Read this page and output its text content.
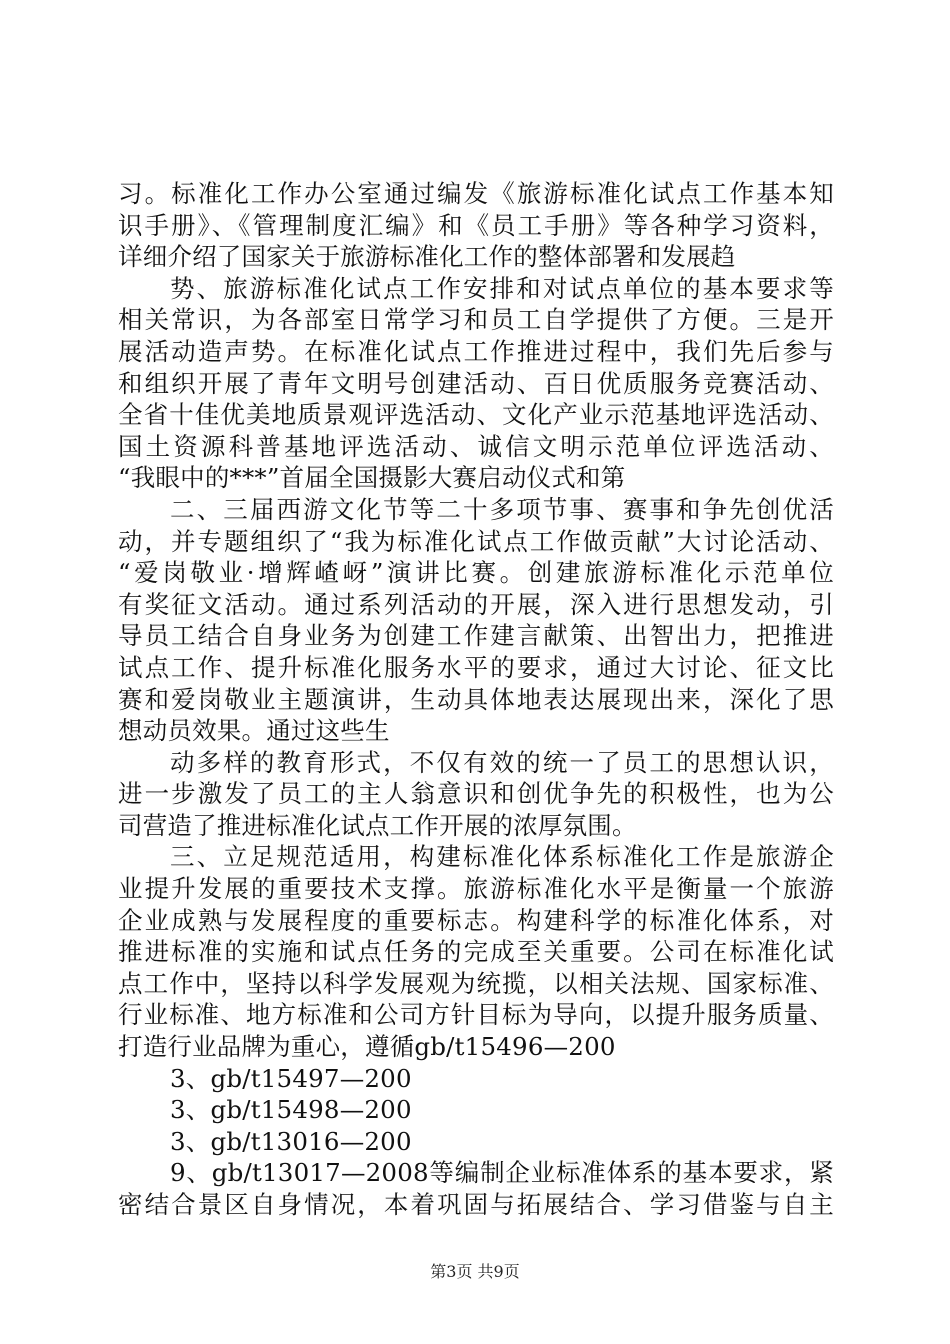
习。标准化工作办公室通过编发《旅游标准化试点工作基本知
识手册》、《管理制度汇编》和《员工手册》等各种学习资料，
详细介绍了国家关于旅游标准化工作的整体部署和发展趋
势、旅游标准化试点工作安排和对试点单位的基本要求等
相关常识，为各部室日常学习和员工自学提供了方便。三是开
展活动造声势。在标准化试点工作推进过程中，我们先后参与
和组织开展了青年文明号创建活动、百日优质服务竞赛活动、
全省十佳优美地质景观评选活动、文化产业示范基地评选活动、
国土资源科普基地评选活动、诚信文明示范单位评选活动、
“我眼中的***”首届全国摄影大赛启动仪式和第
二、三届西游文化节等二十多项节事、赛事和争先创优活
动，并专题组织了“我为标准化试点工作做贡献”大讨论活动、
“爱岗敬业·增辉嵖岈”演讲比赛。创建旅游标准化示范单位
有奖征文活动。通过系列活动的开展，深入进行思想发动，引
导员工结合自身业务为创建工作建言献策、出智出力，把推进
试点工作、提升标准化服务水平的要求，通过大讨论、征文比
赛和爱岗敬业主题演讲，生动具体地表达展现出来，深化了思
想动员效果。通过这些生
动多样的教育形式，不仅有效的统一了员工的思想认识，
进一步激发了员工的主人翁意识和创优争先的积极性，也为公
司营造了推进标准化试点工作开展的浓厚氛围。
三、立足规范适用，构建标准化体系标准化工作是旅游企
业提升发展的重要技术支撑。旅游标准化水平是衡量一个旅游
企业成熟与发展程度的重要标志。构建科学的标准化体系，对
推进标准的实施和试点任务的完成至关重要。公司在标准化试
点工作中，坚持以科学发展观为统揽，以相关法规、国家标准、
行业标准、地方标准和公司方针目标为导向，以提升服务质量、
打造行业品牌为重心，遵循gb/t15496—200
3、gb/t15497—200
3、gb/t15498—200
3、gb/t13016—200
9、gb/t13017—2008等编制企业标准体系的基本要求，紧
密结合景区自身情况，本着巩固与拓展结合、学习借鉴与自主
第3页 共9页
